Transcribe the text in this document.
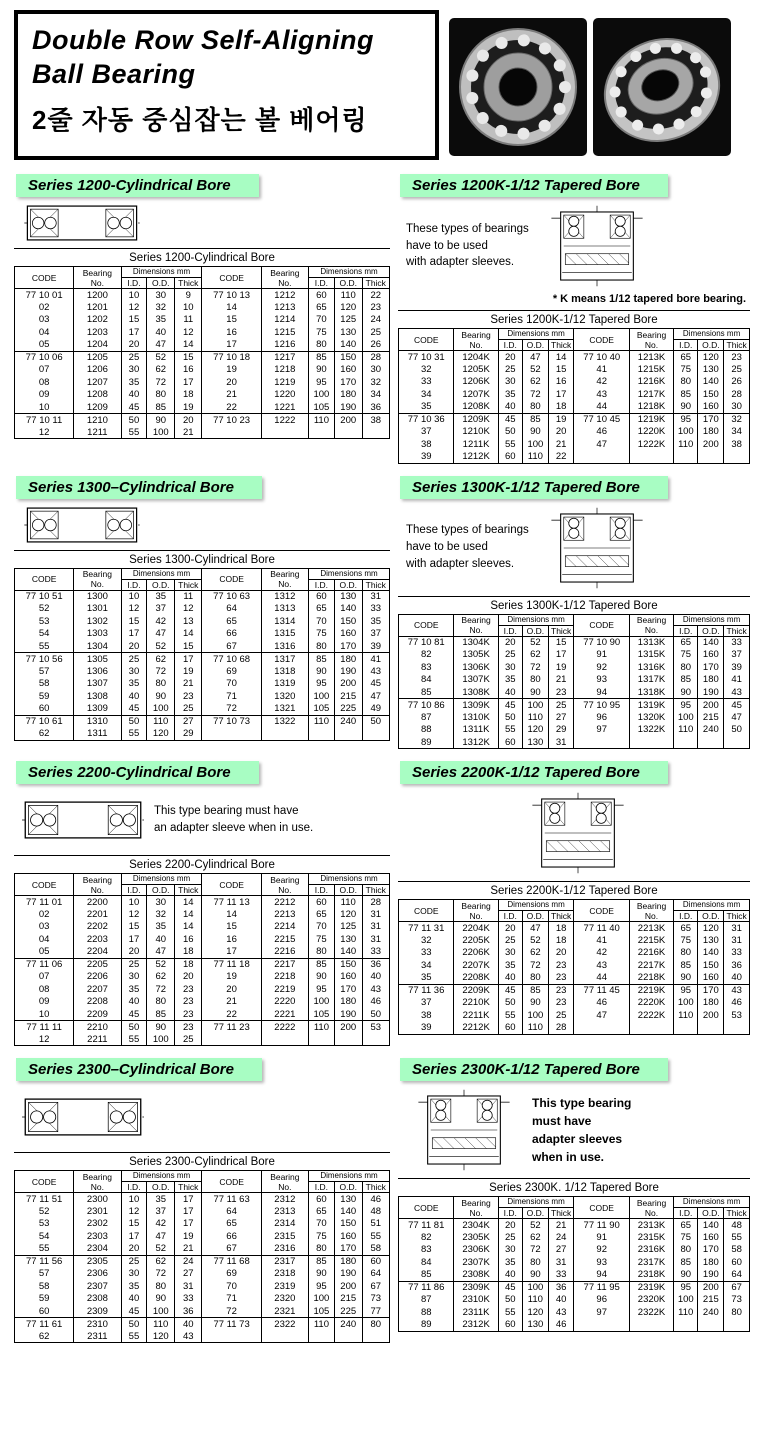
Double Row Self-Aligning
Ball Bearing
2줄 자동 중심잡는 볼 베어링
Series 1200-Cylindrical Bore
Series 1200-Cylindrical Bore
CODE	Bearing No.	Dimensions mm			CODE	Bearing No.	Dimensions mm		
		I.D.	O.D.	Thick			I.D.	O.D.	Thick
77 10 01	1200	10	30	9	77 10 13	1212	60	110	22
02	1201	12	32	10	14	1213	65	120	23
03	1202	15	35	11	15	1214	70	125	24
04	1203	17	40	12	16	1215	75	130	25
05	1204	20	47	14	17	1216	80	140	26
77 10 06	1205	25	52	15	77 10 18	1217	85	150	28
07	1206	30	62	16	19	1218	90	160	30
08	1207	35	72	17	20	1219	95	170	32
09	1208	40	80	18	21	1220	100	180	34
10	1209	45	85	19	22	1221	105	190	36
77 10 11	1210	50	90	20	77 10 23	1222	110	200	38
12	1211	55	100	21					
Series 1200K-1/12 Tapered Bore
These types of bearings
have to be used
with adapter sleeves.
* K means 1/12 tapered bore bearing.
Series 1200K-1/12 Tapered Bore
CODE	Bearing No.	Dimensions mm			CODE	Bearing No.	Dimensions mm		
		I.D.	O.D.	Thick			I.D.	O.D.	Thick
77 10 31	1204K	20	47	14	77 10 40	1213K	65	120	23
32	1205K	25	52	15	41	1215K	75	130	25
33	1206K	30	62	16	42	1216K	80	140	26
34	1207K	35	72	17	43	1217K	85	150	28
35	1208K	40	80	18	44	1218K	90	160	30
77 10 36	1209K	45	85	19	77 10 45	1219K	95	170	32
37	1210K	50	90	20	46	1220K	100	180	34
38	1211K	55	100	21	47	1222K	110	200	38
39	1212K	60	110	22					
Series 1300–Cylindrical Bore
Series 1300-Cylindrical Bore
CODE	Bearing No.	Dimensions mm			CODE	Bearing No.	Dimensions mm		
		I.D.	O.D.	Thick			I.D.	O.D.	Thick
77 10 51	1300	10	35	11	77 10 63	1312	60	130	31
52	1301	12	37	12	64	1313	65	140	33
53	1302	15	42	13	65	1314	70	150	35
54	1303	17	47	14	66	1315	75	160	37
55	1304	20	52	15	67	1316	80	170	39
77 10 56	1305	25	62	17	77 10 68	1317	85	180	41
57	1306	30	72	19	69	1318	90	190	43
58	1307	35	80	21	70	1319	95	200	45
59	1308	40	90	23	71	1320	100	215	47
60	1309	45	100	25	72	1321	105	225	49
77 10 61	1310	50	110	27	77 10 73	1322	110	240	50
62	1311	55	120	29					
Series 1300K-1/12 Tapered Bore
These types of bearings
have to be used
with adapter sleeves.
Series 1300K-1/12 Tapered Bore
CODE	Bearing No.	Dimensions mm			CODE	Bearing No.	Dimensions mm		
		I.D.	O.D.	Thick			I.D.	O.D.	Thick
77 10 81	1304K	20	52	15	77 10 90	1313K	65	140	33
82	1305K	25	62	17	91	1315K	75	160	37
83	1306K	30	72	19	92	1316K	80	170	39
84	1307K	35	80	21	93	1317K	85	180	41
85	1308K	40	90	23	94	1318K	90	190	43
77 10 86	1309K	45	100	25	77 10 95	1319K	95	200	45
87	1310K	50	110	27	96	1320K	100	215	47
88	1311K	55	120	29	97	1322K	110	240	50
89	1312K	60	130	31					
Series 2200-Cylindrical Bore
This type bearing must have
an adapter sleeve when in use.
Series 2200-Cylindrical Bore
CODE	Bearing No.	Dimensions mm			CODE	Bearing No.	Dimensions mm		
		I.D.	O.D.	Thick			I.D.	O.D.	Thick
77 11 01	2200	10	30	14	77 11 13	2212	60	110	28
02	2201	12	32	14	14	2213	65	120	31
03	2202	15	35	14	15	2214	70	125	31
04	2203	17	40	16	16	2215	75	130	31
05	2204	20	47	18	17	2216	80	140	33
77 11 06	2205	25	52	18	77 11 18	2217	85	150	36
07	2206	30	62	20	19	2218	90	160	40
08	2207	35	72	23	20	2219	95	170	43
09	2208	40	80	23	21	2220	100	180	46
10	2209	45	85	23	22	2221	105	190	50
77 11 11	2210	50	90	23	77 11 23	2222	110	200	53
12	2211	55	100	25					
Series 2200K-1/12 Tapered Bore
Series 2200K-1/12 Tapered Bore
CODE	Bearing No.	Dimensions mm			CODE	Bearing No.	Dimensions mm		
		I.D.	O.D.	Thick			I.D.	O.D.	Thick
77 11 31	2204K	20	47	18	77 11 40	2213K	65	120	31
32	2205K	25	52	18	41	2215K	75	130	31
33	2206K	30	62	20	42	2216K	80	140	33
34	2207K	35	72	23	43	2217K	85	150	36
35	2208K	40	80	23	44	2218K	90	160	40
77 11 36	2209K	45	85	23	77 11 45	2219K	95	170	43
37	2210K	50	90	23	46	2220K	100	180	46
38	2211K	55	100	25	47	2222K	110	200	53
39	2212K	60	110	28					
Series 2300–Cylindrical Bore
Series 2300-Cylindrical Bore
CODE	Bearing No.	Dimensions mm			CODE	Bearing No.	Dimensions mm		
		I.D.	O.D.	Thick			I.D.	O.D.	Thick
77 11 51	2300	10	35	17	77 11 63	2312	60	130	46
52	2301	12	37	17	64	2313	65	140	48
53	2302	15	42	17	65	2314	70	150	51
54	2303	17	47	19	66	2315	75	160	55
55	2304	20	52	21	67	2316	80	170	58
77 11 56	2305	25	62	24	77 11 68	2317	85	180	60
57	2306	30	72	27	69	2318	90	190	64
58	2307	35	80	31	70	2319	95	200	67
59	2308	40	90	33	71	2320	100	215	73
60	2309	45	100	36	72	2321	105	225	77
77 11 61	2310	50	110	40	77 11 73	2322	110	240	80
62	2311	55	120	43					
Series 2300K-1/12 Tapered Bore
This type bearing
must have
adapter sleeves
when in use.
Series 2300K. 1/12 Tapered Bore
CODE	Bearing No.	Dimensions mm			CODE	Bearing No.	Dimensions mm		
		I.D.	O.D.	Thick			I.D.	O.D.	Thick
77 11 81	2304K	20	52	21	77 11 90	2313K	65	140	48
82	2305K	25	62	24	91	2315K	75	160	55
83	2306K	30	72	27	92	2316K	80	170	58
84	2307K	35	80	31	93	2317K	85	180	60
85	2308K	40	90	33	94	2318K	90	190	64
77 11 86	2309K	45	100	36	77 11 95	2319K	95	200	67
87	2310K	50	110	40	96	2320K	100	215	73
88	2311K	55	120	43	97	2322K	110	240	80
89	2312K	60	130	46					
